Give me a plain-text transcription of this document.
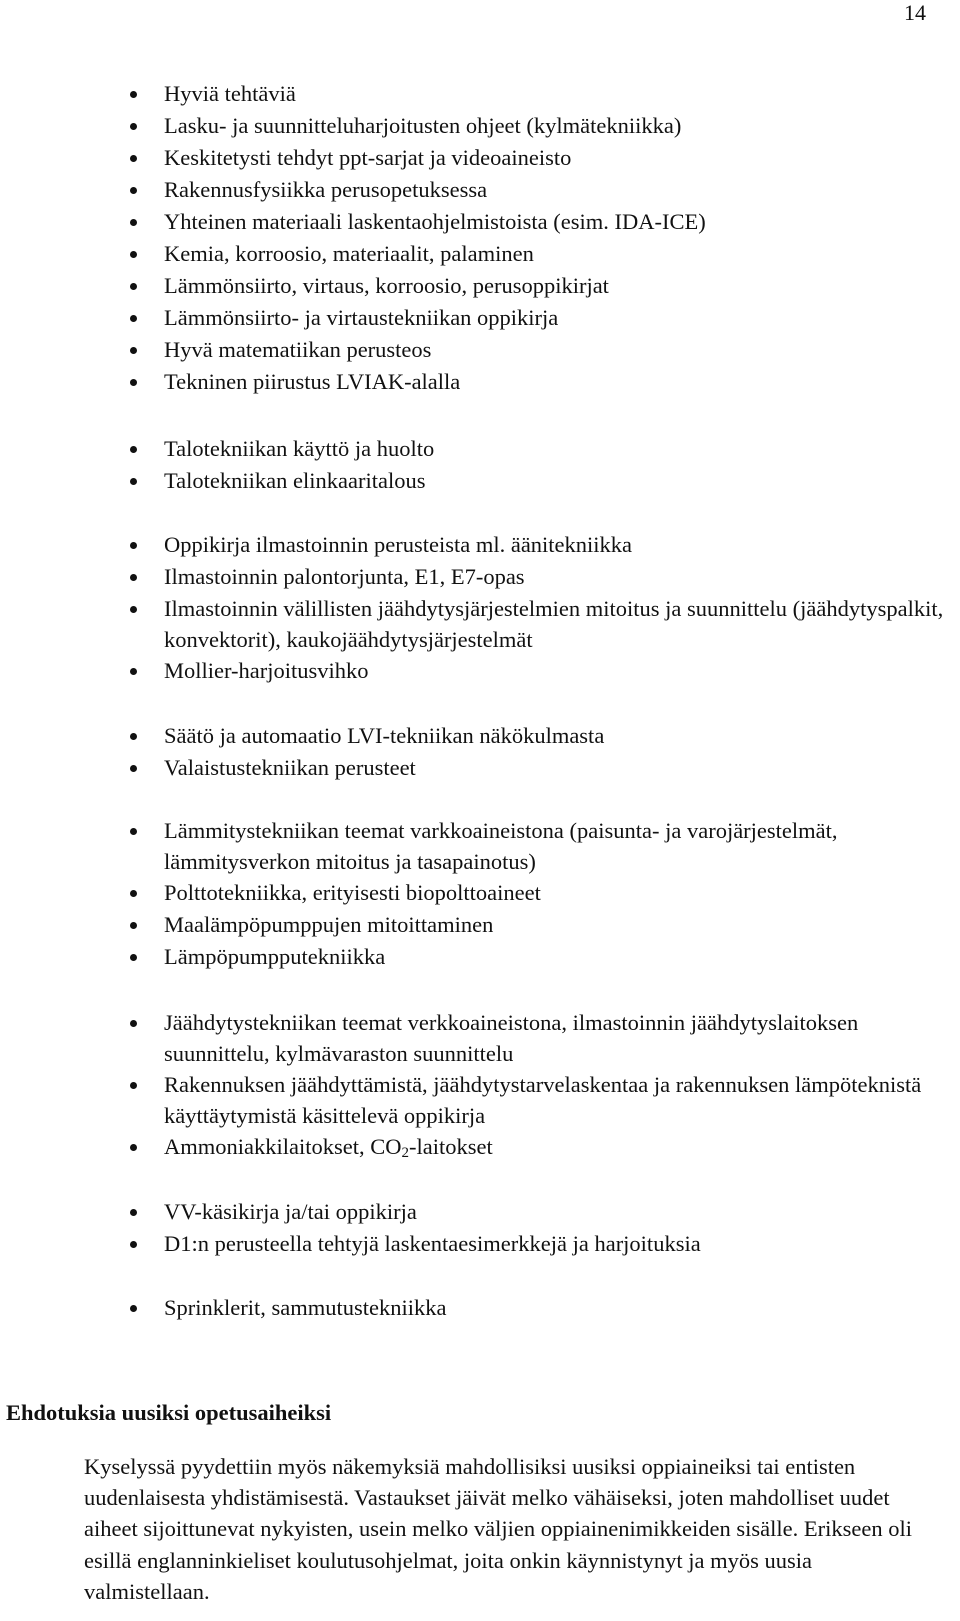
14
Hyviä tehtäviä
Lasku- ja suunnitteluharjoitusten ohjeet (kylmätekniikka)
Keskitetysti tehdyt ppt-sarjat ja videoaineisto
Rakennusfysiikka perusopetuksessa
Yhteinen materiaali laskentaohjelmistoista (esim. IDA-ICE)
Kemia, korroosio, materiaalit, palaminen
Lämmönsiirto, virtaus, korroosio, perusoppikirjat
Lämmönsiirto- ja virtaustekniikan oppikirja
Hyvä matematiikan perusteos
Tekninen piirustus LVIAK-alalla
Talotekniikan käyttö ja huolto
Talotekniikan elinkaaritalous
Oppikirja ilmastoinnin perusteista ml. äänitekniikka
Ilmastoinnin palontorjunta, E1, E7-opas
Ilmastoinnin välillisten jäähdytysjärjestelmien mitoitus ja suunnittelu (jäähdytyspalkit, konvektorit), kaukojäähdytysjärjestelmät
Mollier-harjoitusvihko
Säätö ja automaatio LVI-tekniikan näkökulmasta
Valaistustekniikan perusteet
Lämmitystekniikan teemat varkkoaineistona (paisunta- ja varojärjestelmät, lämmitysverkon mitoitus ja tasapainotus)
Polttotekniikka, erityisesti biopolttoaineet
Maalämpöpumppujen mitoittaminen
Lämpöpumpputekniikka
Jäähdytystekniikan teemat verkkoaineistona, ilmastoinnin jäähdytyslaitoksen suunnittelu, kylmävaraston suunnittelu
Rakennuksen jäähdyttämistä, jäähdytystarvelaskentaa ja rakennuksen lämpöteknistä käyttäytymistä käsittelevä oppikirja
Ammoniakkilaitokset, $CO_2$-laitokset
VV-käsikirja ja/tai oppikirja
D1:n perusteella tehtyjä laskentaesimerkkejä ja harjoituksia
Sprinklerit, sammutustekniikka
Ehdotuksia uusiksi opetusaiheiksi

Kyselyssä pyydettiin myös näkemyksiä mahdollisiksi uusiksi oppiaineiksi tai entisten uudenlaisesta yhdistämisestä. Vastaukset jäivät melko vähäiseksi, joten mahdolliset uudet aiheet sijoittunevat nykyisten, usein melko väljien oppiainenimikkeiden sisälle. Erikseen oli esillä englanninkieliset koulutusohjelmat, joita onkin käynnistynyt ja myös uusia valmistellaan.
